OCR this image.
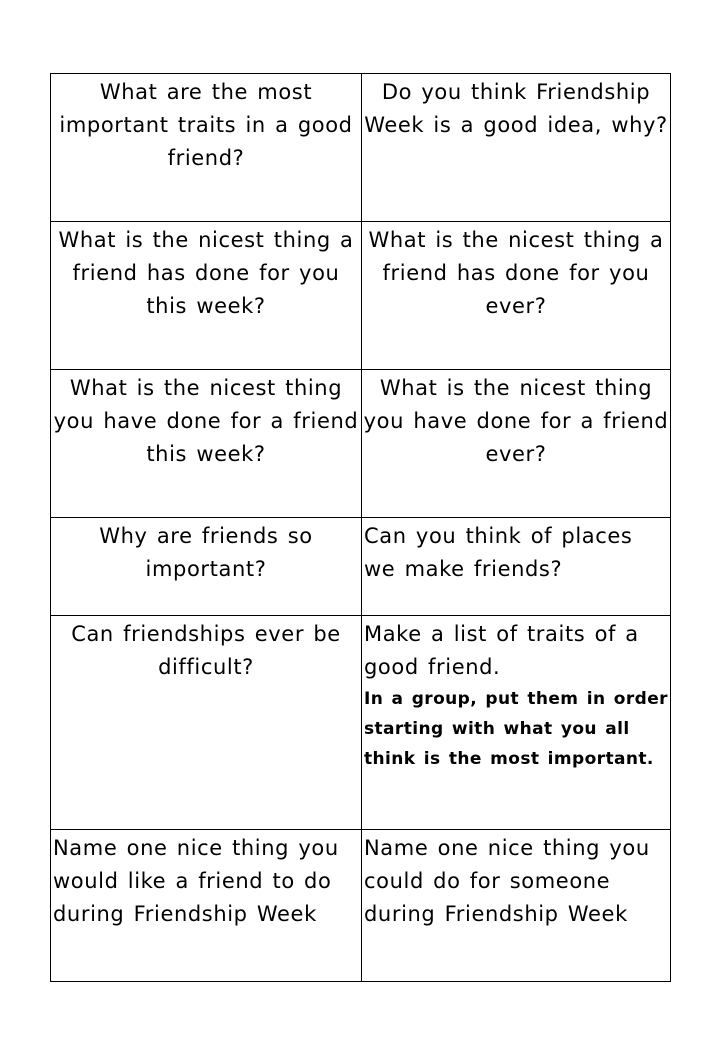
What are the most important traits in a good friend?	Do you think Friendship Week is a good idea, why?

What is the nicest thing a friend has done for you this week?	What is the nicest thing a friend has done for you ever?

What is the nicest thing you have done for a friend this week?	What is the nicest thing you have done for a friend ever?

Why are friends so important?	Can you think of places we make friends?

Can friendships ever be difficult?	Make a list of traits of a good friend.
In a group, put them in order starting with what you all think is the most important.

Name one nice thing you would like a friend to do during Friendship Week	Name one nice thing you could do for someone during Friendship Week
